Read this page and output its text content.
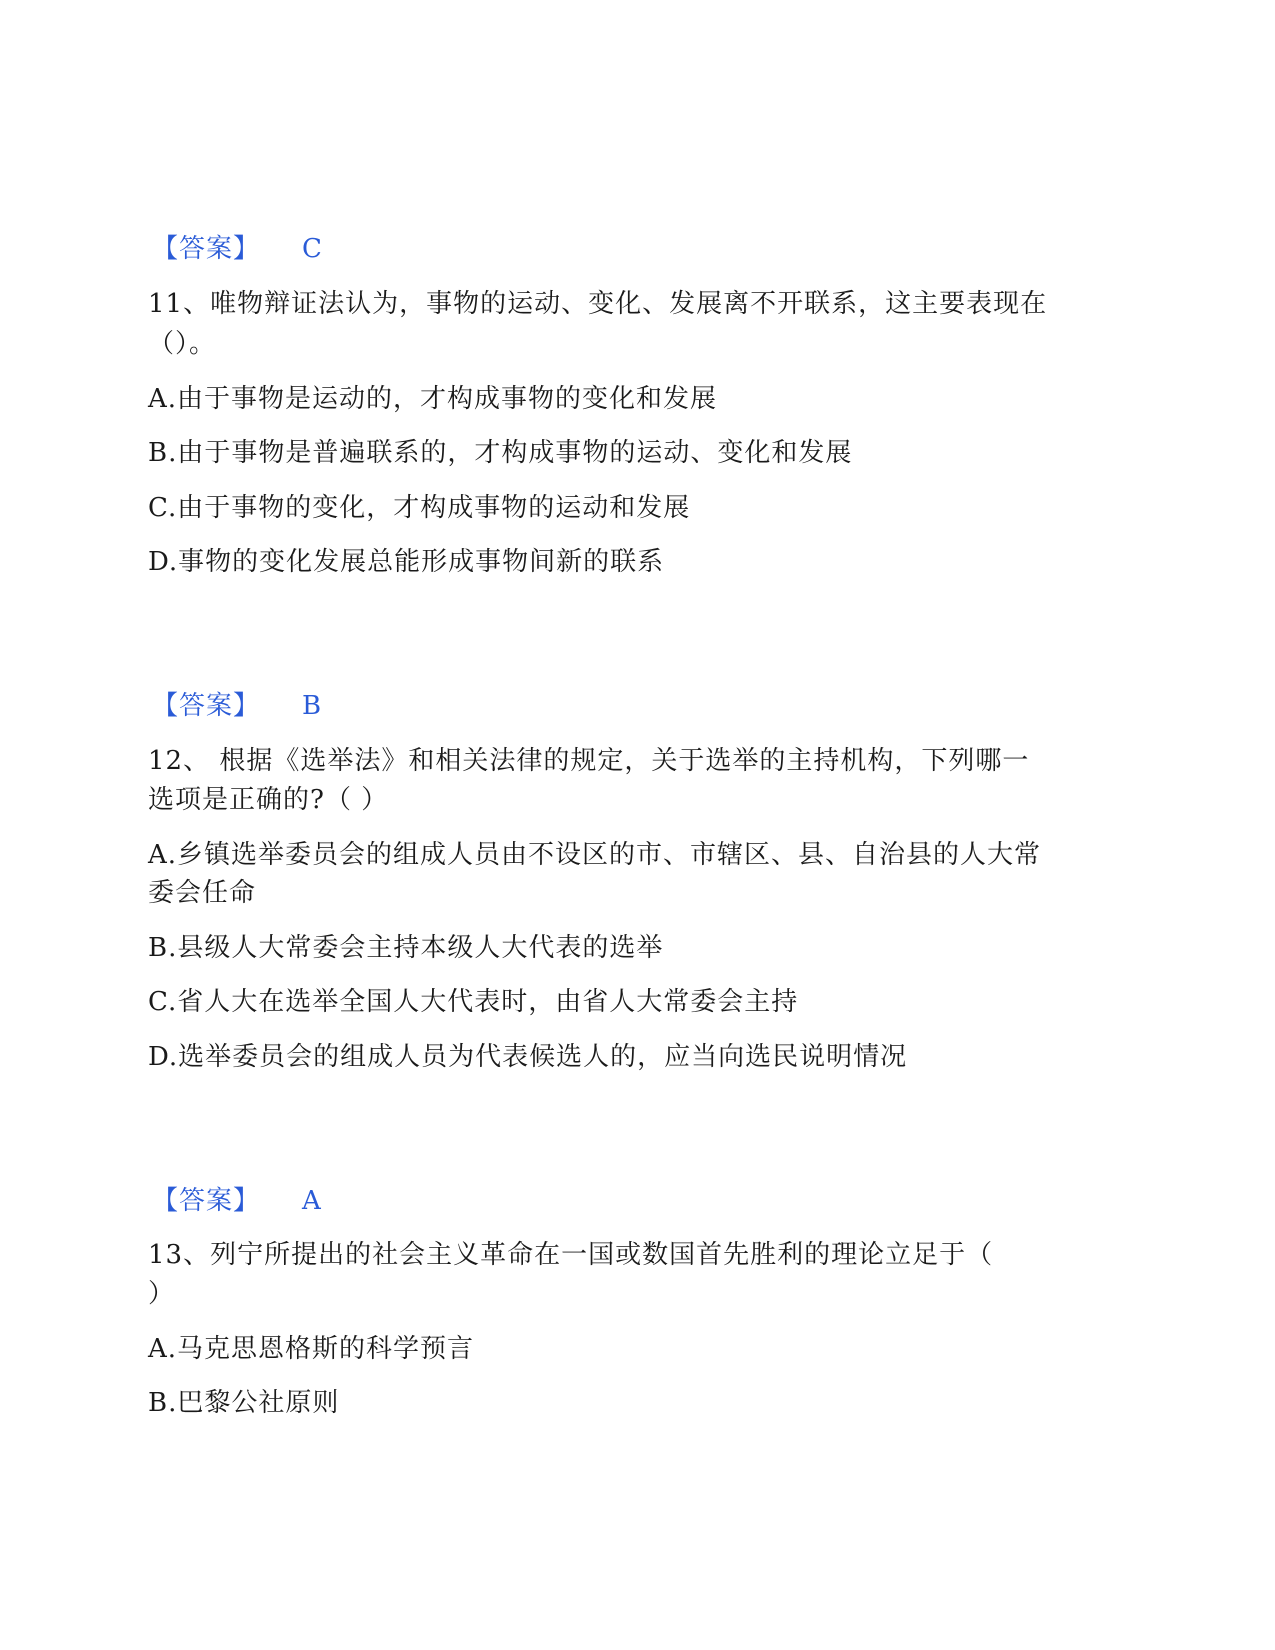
【答案】 C
11、唯物辩证法认为，事物的运动、变化、发展离不开联系，这主要表现在
（）。
A.由于事物是运动的，才构成事物的变化和发展
B.由于事物是普遍联系的，才构成事物的运动、变化和发展
C.由于事物的变化，才构成事物的运动和发展
D.事物的变化发展总能形成事物间新的联系
【答案】 B
12、 根据《选举法》和相关法律的规定，关于选举的主持机构，下列哪一
选项是正确的?（ ）
A.乡镇选举委员会的组成人员由不设区的市、市辖区、县、自治县的人大常
委会任命
B.县级人大常委会主持本级人大代表的选举
C.省人大在选举全国人大代表时，由省人大常委会主持
D.选举委员会的组成人员为代表候选人的，应当向选民说明情况
【答案】 A
13、列宁所提出的社会主义革命在一国或数国首先胜利的理论立足于（
）
A.马克思恩格斯的科学预言
B.巴黎公社原则
